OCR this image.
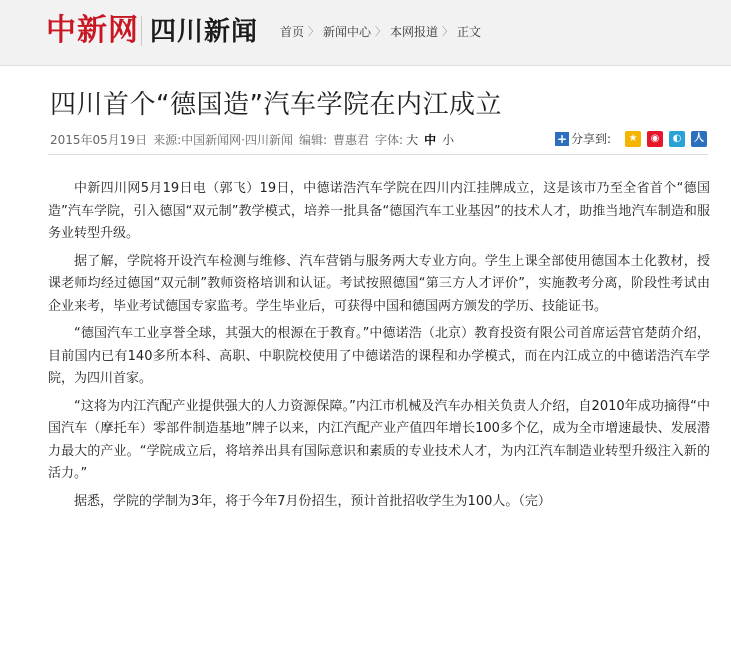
中新网 四川新闻 首页 〉 新闻中心 〉 本网报道 〉 正文
四川首个“德国造”汽车学院在内江成立
2015年05月19日 来源:中国新闻网·四川新闻 编辑: 曹惠君 字体: 大 中 小	+ 分享到:	★	◉	◐	人

中新四川网5月19日电（郭飞）19日，中德诺浩汽车学院在四川内江挂牌成立，这是该市乃至全省首个“德国造”汽车学院，引入德国“双元制”教学模式，培养一批具备“德国汽车工业基因”的技术人才，助推当地汽车制造和服务业转型升级。

据了解，学院将开设汽车检测与维修、汽车营销与服务两大专业方向。学生上课全部使用德国本土化教材，授课老师均经过德国“双元制”教师资格培训和认证。考试按照德国“第三方人才评价”，实施教考分离，阶段性考试由企业来考，毕业考试德国专家监考。学生毕业后，可获得中国和德国两方颁发的学历、技能证书。

“德国汽车工业享誉全球，其强大的根源在于教育。”中德诺浩（北京）教育投资有限公司首席运营官楚荫介绍，目前国内已有140多所本科、高职、中职院校使用了中德诺浩的课程和办学模式，而在内江成立的中德诺浩汽车学院，为四川首家。

“这将为内江汽配产业提供强大的人力资源保障。”内江市机械及汽车办相关负责人介绍，自2010年成功摘得“中国汽车（摩托车）零部件制造基地”牌子以来，内江汽配产业产值四年增长100多个亿，成为全市增速最快、发展潜力最大的产业。“学院成立后，将培养出具有国际意识和素质的专业技术人才，为内江汽车制造业转型升级注入新的活力。”

据悉，学院的学制为3年，将于今年7月份招生，预计首批招收学生为100人。（完）
